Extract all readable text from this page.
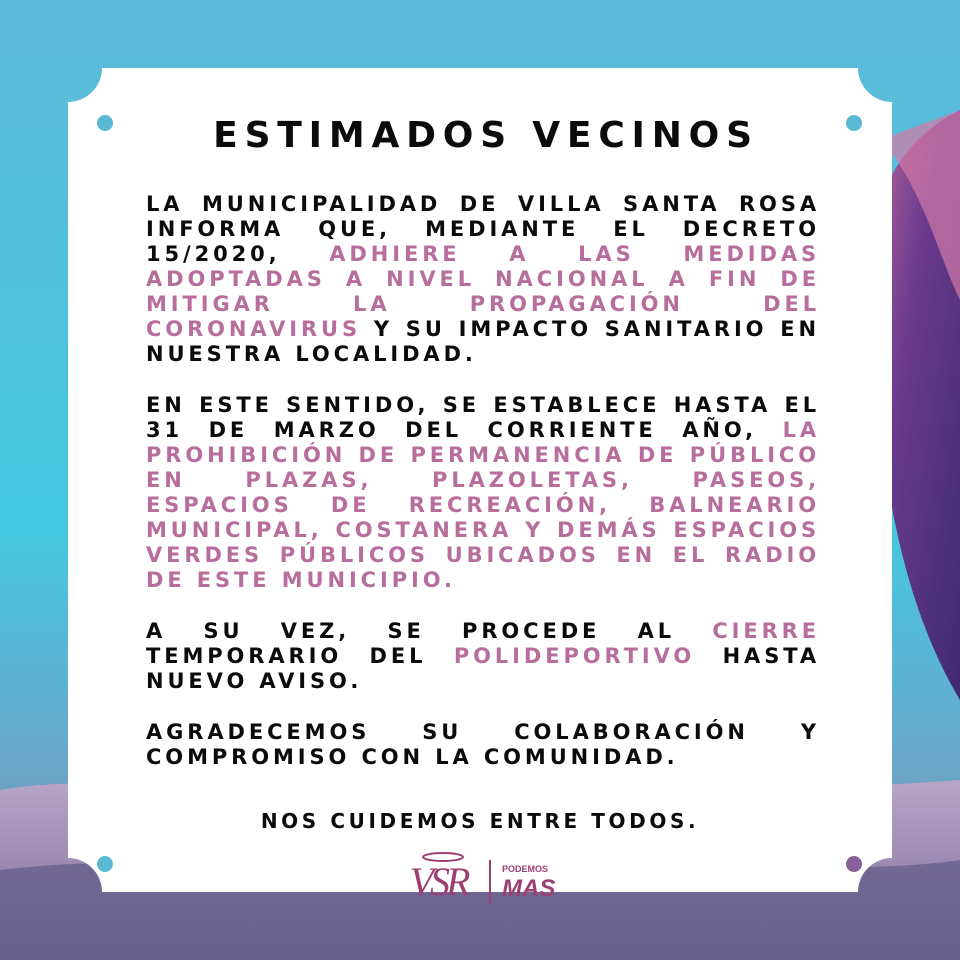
ESTIMADOS VECINOS

LA MUNICIPALIDAD DE VILLA SANTA ROSA INFORMA QUE, MEDIANTE EL DECRETO 15/2020, ADHIERE A LAS MEDIDAS ADOPTADAS A NIVEL NACIONAL A FIN DE MITIGAR LA PROPAGACIÓN DEL CORONAVIRUS Y SU IMPACTO SANITARIO EN NUESTRA LOCALIDAD.

EN ESTE SENTIDO, SE ESTABLECE HASTA EL 31 DE MARZO DEL CORRIENTE AÑO, LA PROHIBICIÓN DE PERMANENCIA DE PÚBLICO EN PLAZAS, PLAZOLETAS, PASEOS, ESPACIOS DE RECREACIÓN, BALNEARIO MUNICIPAL, COSTANERA Y DEMÁS ESPACIOS VERDES PÚBLICOS UBICADOS EN EL RADIO DE ESTE MUNICIPIO.

A SU VEZ, SE PROCEDE AL CIERRE TEMPORARIO DEL POLIDEPORTIVO HASTA NUEVO AVISO.

AGRADECEMOS SU COLABORACIÓN Y COMPROMISO CON LA COMUNIDAD.

NOS CUIDEMOS ENTRE TODOS.
VSR	PODEMOS
MAS
